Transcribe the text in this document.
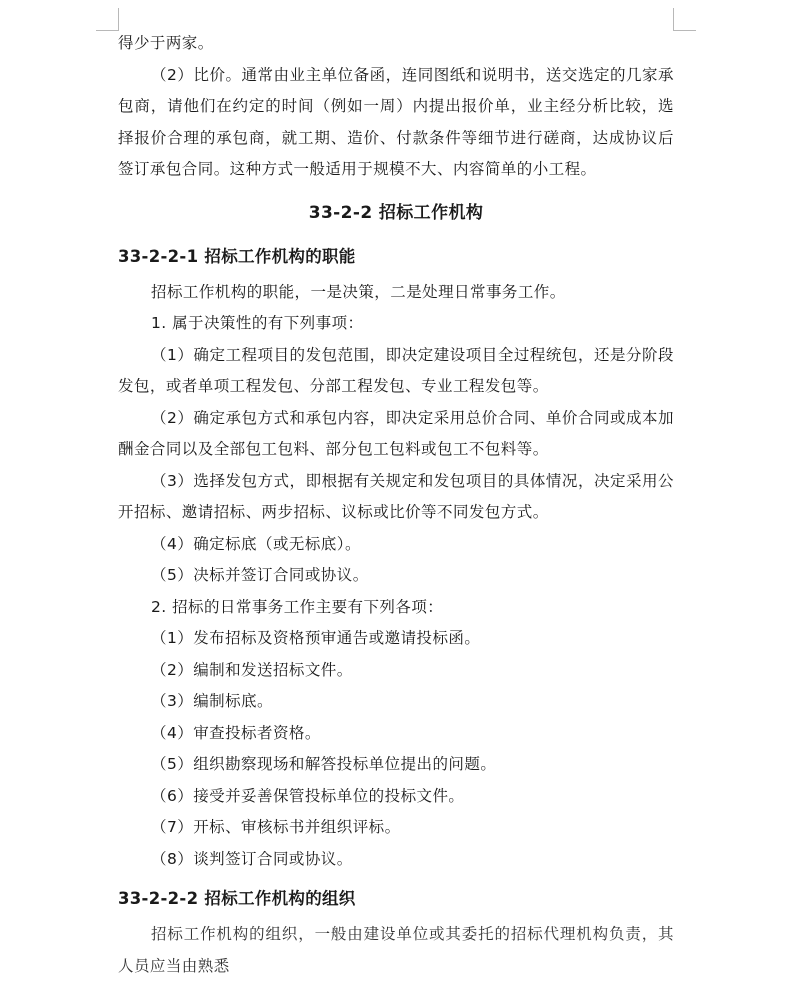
得少于两家。

（2）比价。通常由业主单位备函，连同图纸和说明书，送交选定的几家承包商，请他们在约定的时间（例如一周）内提出报价单，业主经分析比较，选择报价合理的承包商，就工期、造价、付款条件等细节进行磋商，达成协议后签订承包合同。这种方式一般适用于规模不大、内容简单的小工程。

33-2-2 招标工作机构
33-2-2-1 招标工作机构的职能

招标工作机构的职能，一是决策，二是处理日常事务工作。

1. 属于决策性的有下列事项：

（1）确定工程项目的发包范围，即决定建设项目全过程统包，还是分阶段发包，或者单项工程发包、分部工程发包、专业工程发包等。

（2）确定承包方式和承包内容，即决定采用总价合同、单价合同或成本加酬金合同以及全部包工包料、部分包工包料或包工不包料等。

（3）选择发包方式，即根据有关规定和发包项目的具体情况，决定采用公开招标、邀请招标、两步招标、议标或比价等不同发包方式。

（4）确定标底（或无标底）。

（5）决标并签订合同或协议。

2. 招标的日常事务工作主要有下列各项：

（1）发布招标及资格预审通告或邀请投标函。

（2）编制和发送招标文件。

（3）编制标底。

（4）审查投标者资格。

（5）组织勘察现场和解答投标单位提出的问题。

（6）接受并妥善保管投标单位的投标文件。

（7）开标、审核标书并组织评标。

（8）谈判签订合同或协议。

33-2-2-2 招标工作机构的组织

招标工作机构的组织，一般由建设单位或其委托的招标代理机构负责，其人员应当由熟悉
